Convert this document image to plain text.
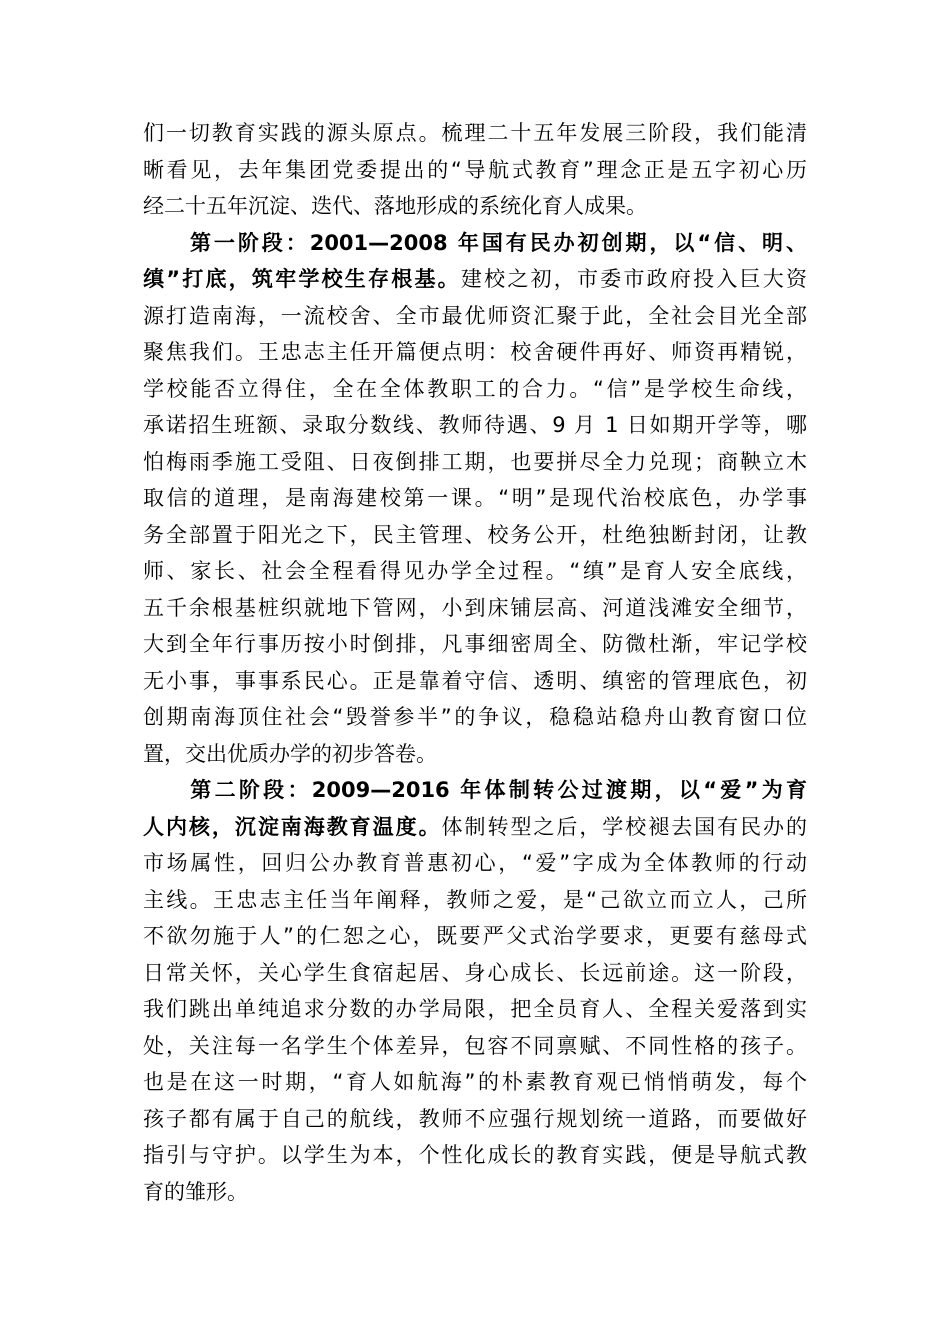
们一切教育实践的源头原点。梳理二十五年发展三阶段，我们能清
晰看见，去年集团党委提出的“导航式教育”理念正是五字初心历
经二十五年沉淀、迭代、落地形成的系统化育人成果。
第一阶段：2001—2008 年国有民办初创期，以“信、明、
缜”打底，筑牢学校生存根基。建校之初，市委市政府投入巨大资
源打造南海，一流校舍、全市最优师资汇聚于此，全社会目光全部
聚焦我们。王忠志主任开篇便点明：校舍硬件再好、师资再精锐，
学校能否立得住，全在全体教职工的合力。“信”是学校生命线，
承诺招生班额、录取分数线、教师待遇、9 月 1 日如期开学等，哪
怕梅雨季施工受阻、日夜倒排工期，也要拼尽全力兑现；商鞅立木
取信的道理，是南海建校第一课。“明”是现代治校底色，办学事
务全部置于阳光之下，民主管理、校务公开，杜绝独断封闭，让教
师、家长、社会全程看得见办学全过程。“缜”是育人安全底线，
五千余根基桩织就地下管网，小到床铺层高、河道浅滩安全细节，
大到全年行事历按小时倒排，凡事细密周全、防微杜渐，牢记学校
无小事，事事系民心。正是靠着守信、透明、缜密的管理底色，初
创期南海顶住社会“毁誉参半”的争议，稳稳站稳舟山教育窗口位
置，交出优质办学的初步答卷。
第二阶段：2009—2016 年体制转公过渡期，以“爱”为育
人内核，沉淀南海教育温度。体制转型之后，学校褪去国有民办的
市场属性，回归公办教育普惠初心，“爱”字成为全体教师的行动
主线。王忠志主任当年阐释，教师之爱，是“己欲立而立人，己所
不欲勿施于人”的仁恕之心，既要严父式治学要求，更要有慈母式
日常关怀，关心学生食宿起居、身心成长、长远前途。这一阶段，
我们跳出单纯追求分数的办学局限，把全员育人、全程关爱落到实
处，关注每一名学生个体差异，包容不同禀赋、不同性格的孩子。
也是在这一时期，“育人如航海”的朴素教育观已悄悄萌发，每个
孩子都有属于自己的航线，教师不应强行规划统一道路，而要做好
指引与守护。以学生为本，个性化成长的教育实践，便是导航式教
育的雏形。
